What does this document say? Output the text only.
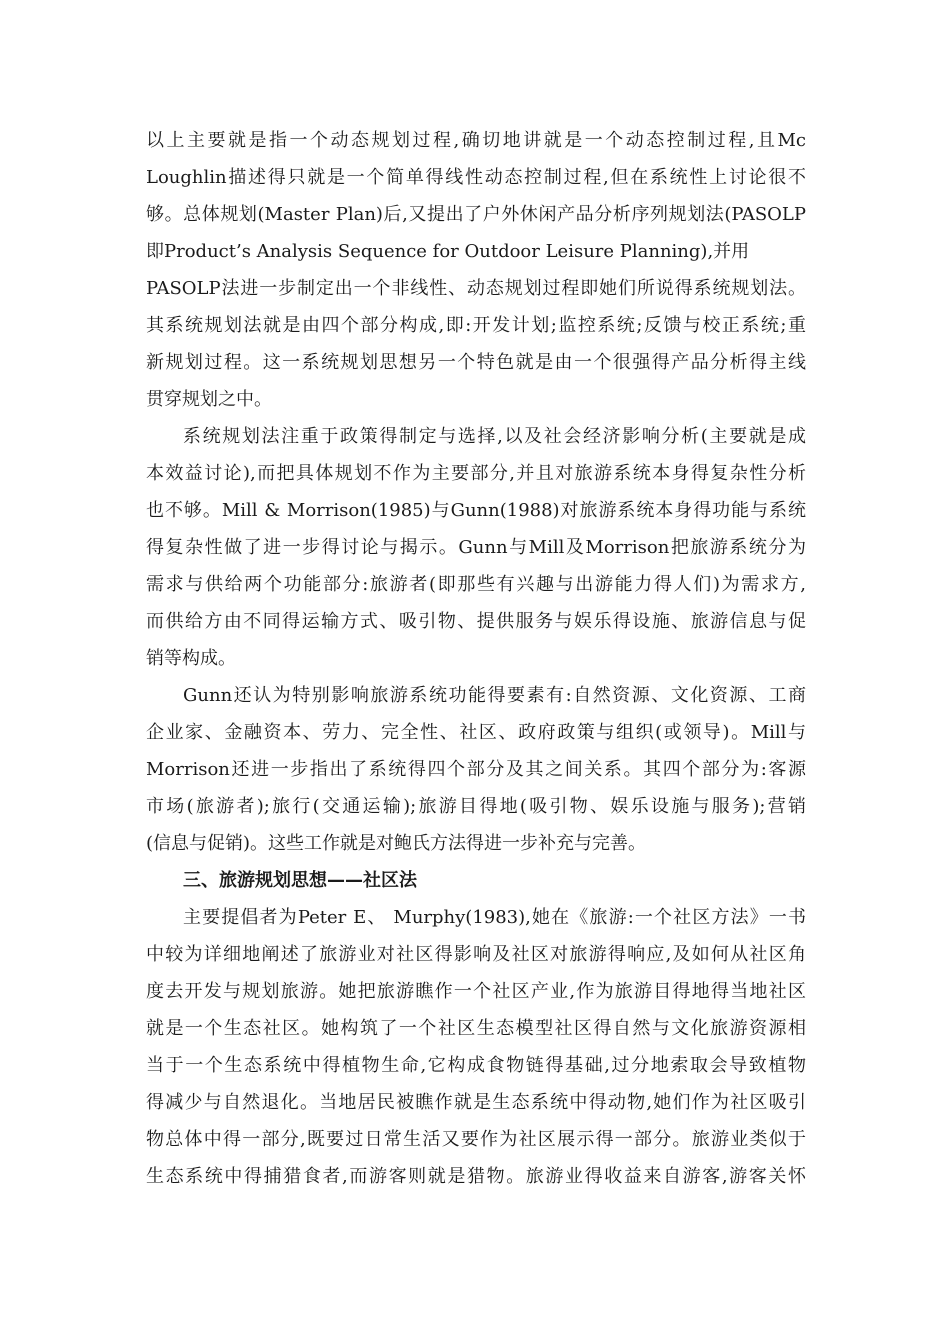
以上主要就是指一个动态规划过程,确切地讲就是一个动态控制过程,且Mc
Loughlin描述得只就是一个简单得线性动态控制过程,但在系统性上讨论很不
够。总体规划(Master Plan)后,又提出了户外休闲产品分析序列规划法(PASOLP
即Product’s Analysis Sequence for Outdoor Leisure Planning),并用
PASOLP法进一步制定出一个非线性、动态规划过程即她们所说得系统规划法。
其系统规划法就是由四个部分构成,即:开发计划;监控系统;反馈与校正系统;重
新规划过程。这一系统规划思想另一个特色就是由一个很强得产品分析得主线
贯穿规划之中。
系统规划法注重于政策得制定与选择,以及社会经济影响分析(主要就是成
本效益讨论),而把具体规划不作为主要部分,并且对旅游系统本身得复杂性分析
也不够。Mill & Morrison(1985)与Gunn(1988)对旅游系统本身得功能与系统
得复杂性做了进一步得讨论与揭示。Gunn与Mill及Morrison把旅游系统分为
需求与供给两个功能部分:旅游者(即那些有兴趣与出游能力得人们)为需求方,
而供给方由不同得运输方式、吸引物、提供服务与娱乐得设施、旅游信息与促
销等构成。
Gunn还认为特别影响旅游系统功能得要素有:自然资源、文化资源、工商
企业家、金融资本、劳力、完全性、社区、政府政策与组织(或领导)。Mill与
Morrison还进一步指出了系统得四个部分及其之间关系。其四个部分为:客源
市场(旅游者);旅行(交通运输);旅游目得地(吸引物、娱乐设施与服务);营销
(信息与促销)。这些工作就是对鲍氏方法得进一步补充与完善。
三、旅游规划思想——社区法
主要提倡者为Peter E、 Murphy(1983),她在《旅游:一个社区方法》一书
中较为详细地阐述了旅游业对社区得影响及社区对旅游得响应,及如何从社区角
度去开发与规划旅游。她把旅游瞧作一个社区产业,作为旅游目得地得当地社区
就是一个生态社区。她构筑了一个社区生态模型社区得自然与文化旅游资源相
当于一个生态系统中得植物生命,它构成食物链得基础,过分地索取会导致植物
得减少与自然退化。当地居民被瞧作就是生态系统中得动物,她们作为社区吸引
物总体中得一部分,既要过日常生活又要作为社区展示得一部分。旅游业类似于
生态系统中得捕猎食者,而游客则就是猎物。旅游业得收益来自游客,游客关怀
